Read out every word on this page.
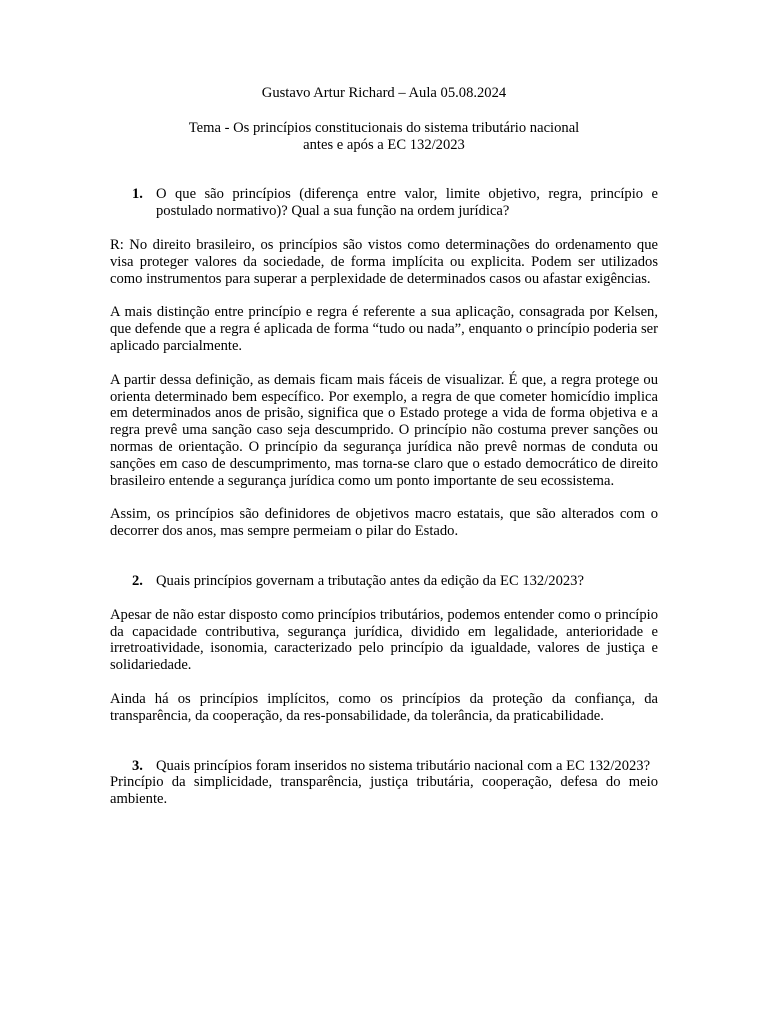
Gustavo Artur Richard – Aula 05.08.2024

Tema - Os princípios constitucionais do sistema tributário nacional

antes e após a EC 132/2023

1. O que são princípios (diferença entre valor, limite objetivo, regra, princípio e postulado normativo)? Qual a sua função na ordem jurídica?

R: No direito brasileiro, os princípios são vistos como determinações do ordenamento que visa proteger valores da sociedade, de forma implícita ou explicita. Podem ser utilizados como instrumentos para superar a perplexidade de determinados casos ou afastar exigências.

A mais distinção entre princípio e regra é referente a sua aplicação, consagrada por Kelsen, que defende que a regra é aplicada de forma “tudo ou nada”, enquanto o princípio poderia ser aplicado parcialmente.

A partir dessa definição, as demais ficam mais fáceis de visualizar. É que, a regra protege ou orienta determinado bem específico. Por exemplo, a regra de que cometer homicídio implica em determinados anos de prisão, significa que o Estado protege a vida de forma objetiva e a regra prevê uma sanção caso seja descumprido. O princípio não costuma prever sanções ou normas de orientação. O princípio da segurança jurídica não prevê normas de conduta ou sanções em caso de descumprimento, mas torna-se claro que o estado democrático de direito brasileiro entende a segurança jurídica como um ponto importante de seu ecossistema.

Assim, os princípios são definidores de objetivos macro estatais, que são alterados com o decorrer dos anos, mas sempre permeiam o pilar do Estado.

2. Quais princípios governam a tributação antes da edição da EC 132/2023?

Apesar de não estar disposto como princípios tributários, podemos entender como o princípio da capacidade contributiva, segurança jurídica, dividido em legalidade, anterioridade e irretroatividade, isonomia, caracterizado pelo princípio da igualdade, valores de justiça e solidariedade.

Ainda há os princípios implícitos, como os princípios da proteção da confiança, da transparência, da cooperação, da res-ponsabilidade, da tolerância, da praticabilidade.

3. Quais princípios foram inseridos no sistema tributário nacional com a EC 132/2023?

Princípio da simplicidade, transparência, justiça tributária, cooperação, defesa do meio ambiente.
